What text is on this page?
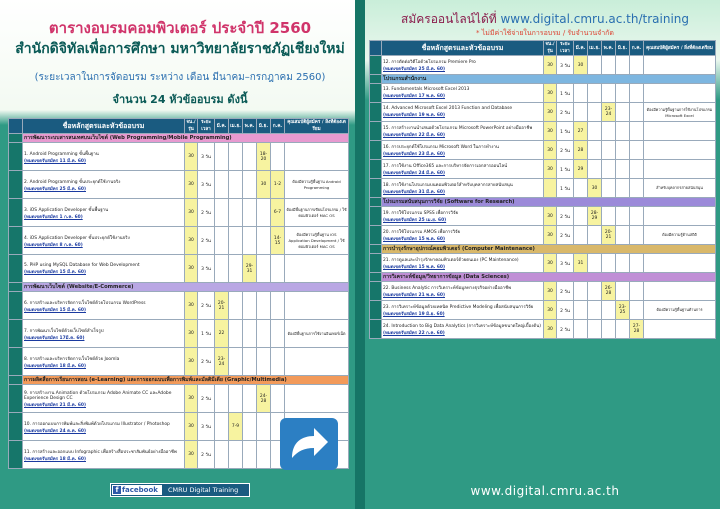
ตารางอบรมคอมพิวเตอร์ ประจำปี 2560
สำนักดิจิทัลเพื่อการศึกษา มหาวิทยาลัยราชภัฏเชียงใหม่
(ระยะเวลาในการจัดอบรม ระหว่าง เดือน มีนาคม–กรกฎาคม 2560)
จำนวน 24 หัวข้ออบรม ดังนี้
	ชื่อหลักสูตรและหัวข้ออบรม	จน./รุ่น	ระยะเวลา	มี.ค.	เม.ย.	พ.ค.	มิ.ย.	ก.ค.	คุณสมบัติผู้สมัคร / สิ่งที่ต้องเตรียม
	การพัฒนาระบบสารสนเทศบนเว็บไซต์ (Web Programming/Mobile Programming)								

	1. Android Programming ขั้นพื้นฐาน
(หมดเขตรับสมัคร 11 มี.ค. 60)	30	3 วัน				18-20		

	2. Android Programming ขั้นประยุกต์ใช้งานจริง
(หมดเขตรับสมัคร 25 มี.ค. 60)	30	3 วัน				30	1-2	ต้องมีความรู้พื้นฐาน Android Programming

	3. iOS Application Developer ขั้นพื้นฐาน
(หมดเขตรับสมัคร 1 ก.ค. 60)	30	2 วัน					6-7	ต้องมีพื้นฐานการเขียนโปรแกรม / ใช้คอมพิวเตอร์ MAC OS

	4. iOS Application Developer ขั้นประยุกต์ใช้งานจริง
(หมดเขตรับสมัคร 8 ก.ค. 60)	30	2 วัน					14-15	ต้องมีความรู้พื้นฐาน iOS Application Development / ใช้คอมพิวเตอร์ MAC OS

	5. PHP using MySQL Database for Web Development
(หมดเขตรับสมัคร 15 มี.ค. 60)	30	3 วัน			29-31			
	การพัฒนาเว็บไซต์ (Website/E-Commerce)								

	6. การสร้างและบริหารจัดการเว็บไซต์ด้วยโปรแกรม WordPress
(หมดเขตรับสมัคร 15 มี.ค. 60)	30	2 วัน	20-21					

	7. การพัฒนาเว็บไซต์ด้วยเว็บไซต์สำเร็จรูป
(หมดเขตรับสมัคร 17มี.ค. 60)	30	1 วัน	22					ต้องมีพื้นฐานการใช้งานอินเทอร์เน็ต

	8. การสร้างและบริหารจัดการเว็บไซต์ด้วย Joomla
(หมดเขตรับสมัคร 18 มี.ค. 60)	30	2 วัน	23-24					
	การผลิตสื่อการเรียนการสอน (e-Learning) และการออกแบบเพื่อการพิมพ์และมัลติมีเดีย (Graphic/Multimedia)								

	9. การสร้างงาน Animation ด้วยโปรแกรม Adobe Animate CC และAdobe Experience Design CC
(หมดเขตรับสมัคร 21 มี.ค. 60)	30	2 วัน				24-28		

	10. การออกแบบการพิมพ์และสิ่งพิมพ์ด้วยโปรแกรม Illustrator / Photoshop
(หมดเขตรับสมัคร 24 ต.ค. 60)	30	3 วัน		7-9				

	11. การสร้างและออกแบบ Infographic เพื่อสร้างสื่อประชาสัมพันธ์อย่างมืออาชีพ
(หมดเขตรับสมัคร 18 มี.ค. 60)	30	2 วัน						
facebook
f	CMRU Digital Training
สมัครออนไลน์ได้ที่ www.digital.cmru.ac.th/training
* ไม่มีค่าใช้จ่ายในการอบรม / รับจำนวนจำกัด
	ชื่อหลักสูตรและหัวข้ออบรม	จน./รุ่น	ระยะเวลา	มี.ค.	เม.ย.	พ.ค.	มิ.ย.	ก.ค.	คุณสมบัติผู้สมัคร / สิ่งที่ต้องเตรียม

	12. การตัดต่อวิดีโอด้วยโปรแกรม Premiere Pro
(หมดเขตรับสมัคร 25 มี.ค. 60)	30	3 วัน	30					
	โปรแกรมสำนักงาน								

	13. Fundamentals Microsoft Excel 2013
(หมดเขตรับสมัคร 17 พ.ค. 60)	30	1 วัน						

	14. Advanced Microsoft Excel 2013 Function and Database
(หมดเขตรับสมัคร 19 พ.ค. 60)	30	2 วัน			23-24			ต้องมีความรู้พื้นฐานการใช้งานโปรแกรม Microsoft Excel

	15. การสร้างงานนำเสนอด้วยโปรแกรม Microsoft PowerPoint อย่างมืออาชีพ
(หมดเขตรับสมัคร 22 มี.ค. 60)	30	1 วัน	27					

	16. การประยุกต์ใช้โปรแกรม Microsoft Word ในการทำงาน
(หมดเขตรับสมัคร 23 มี.ค. 60)	30	2 วัน	28					

	17. การใช้งาน Office365 และการบริหารจัดการเอกสารออนไลน์
(หมดเขตรับสมัคร 24 มี.ค. 60)	30	1 วัน	29					

	18. การใช้งานโปรแกรมบนคอมพิวเตอร์สำหรับบุคลากรสายสนับสนุน
(หมดเขตรับสมัคร 31 มี.ค. 60)		1 วัน		30				สำหรับบุคลากรสายสนับสนุน
	โปรแกรมสนับสนุนการวิจัย (Software for Research)								

	19. การใช้โปรแกรม SPSS เพื่อการวิจัย
(หมดเขตรับสมัคร 25 เม.ย. 60)	30	2 วัน		28-29				

	20. การใช้โปรแกรม AMOS เพื่อการวิจัย
(หมดเขตรับสมัคร 15 พ.ค. 60)	30	2 วัน			20-21			ต้องมีความรู้ด้านสถิติ
	การบำรุงรักษาอุปกรณ์คอมพิวเตอร์ (Computer Maintenance)								

	21. การดูแลและบำรุงรักษาคอมพิวเตอร์ด้วยตนเอง (PC Maintenance)
(หมดเขตรับสมัคร 15 พ.ค. 60)	30	3 วัน	31					
	การวิเคราะห์ข้อมูล/วิทยาการข้อมูล (Data Sciences)								

	22. Business Analytic การวิเคราะห์ข้อมูลทางธุรกิจอย่างมืออาชีพ
(หมดเขตรับสมัคร 21 พ.ค. 60)	30	2 วัน			26-28			

	23. การวิเคราะห์ข้อมูลด้วยเทคนิค Predictive Modeling เพื่อสนับสนุนการวิจัย
(หมดเขตรับสมัคร 19 มิ.ย. 60)	30	2 วัน				23-25		ต้องมีความรู้พื้นฐานด้านการ

	24. Introduction to Big Data Analytics (การวิเคราะห์ข้อมูลขนาดใหญ่เบื้องต้น)
(หมดเขตรับสมัคร 22 ก.ค. 60)	30	2 วัน					27-28	
www.digital.cmru.ac.th
